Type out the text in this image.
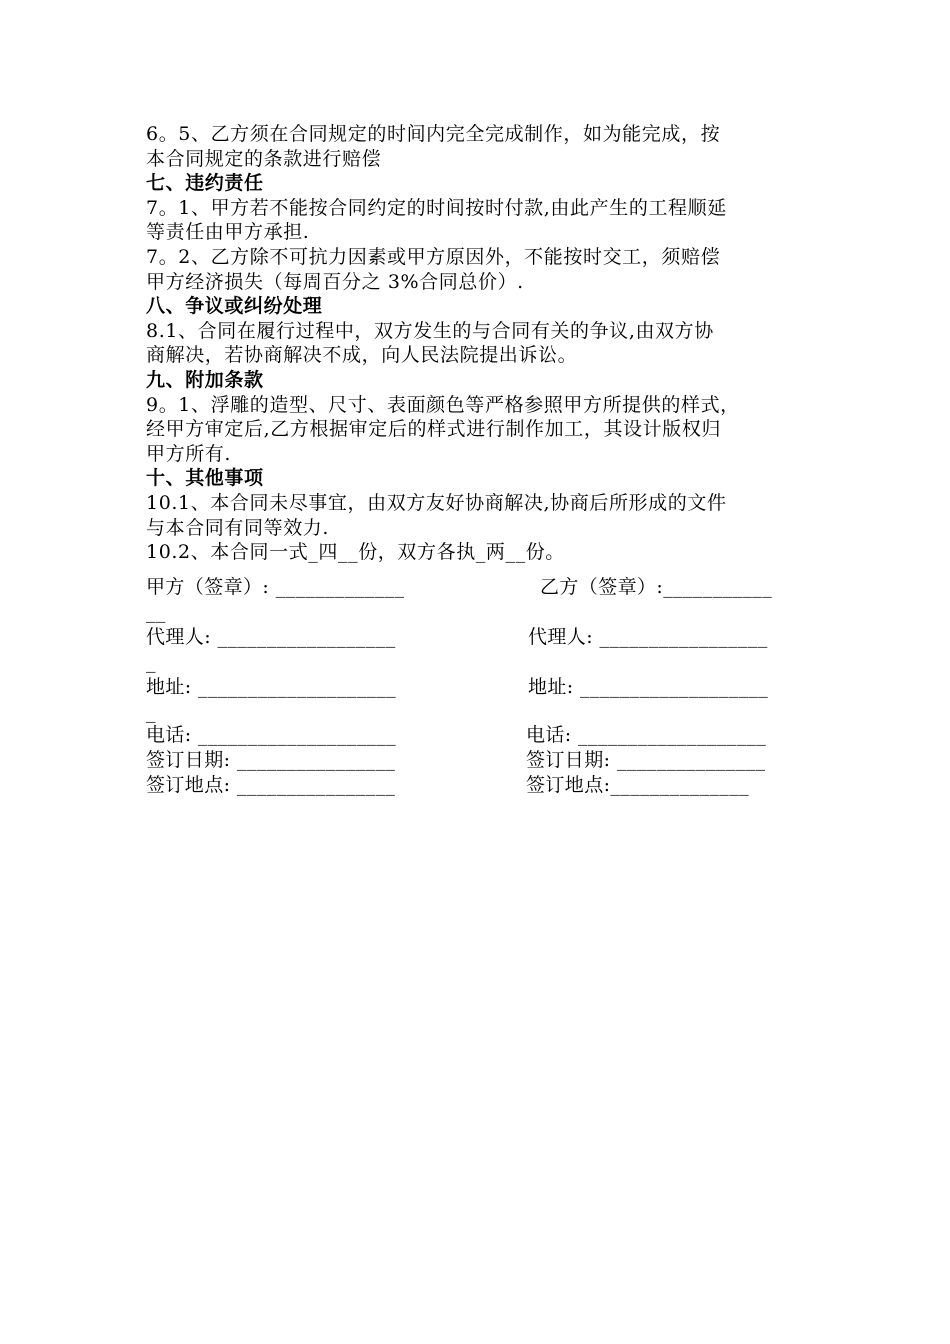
6。5、乙方须在合同规定的时间内完全完成制作，如为能完成，按
本合同规定的条款进行赔偿
七、违约责任
7。1、甲方若不能按合同约定的时间按时付款,由此产生的工程顺延
等责任由甲方承担.
7。2、乙方除不可抗力因素或甲方原因外，不能按时交工，须赔偿
甲方经济损失（每周百分之 3%合同总价）.
八、争议或纠纷处理
8.1、合同在履行过程中，双方发生的与合同有关的争议,由双方协
商解决，若协商解决不成，向人民法院提出诉讼。
九、附加条款
9。1、浮雕的造型、尺寸、表面颜色等严格参照甲方所提供的样式，
经甲方审定后,乙方根据审定后的样式进行制作加工，其设计版权归
甲方所有.
十、其他事项
10.1、本合同未尽事宜，由双方友好协商解决,协商后所形成的文件
与本合同有同等效力.
10.2、本合同一式_四__份，双方各执_两__份。
甲方（签章）: _____________	乙方（签章）:___________
__
代理人: __________________	代理人: _________________
_
地址: ____________________	地址: ___________________
_
电话: ____________________	电话: ___________________
签订日期: ________________	签订日期: _______________
签订地点: ________________	签订地点:______________
